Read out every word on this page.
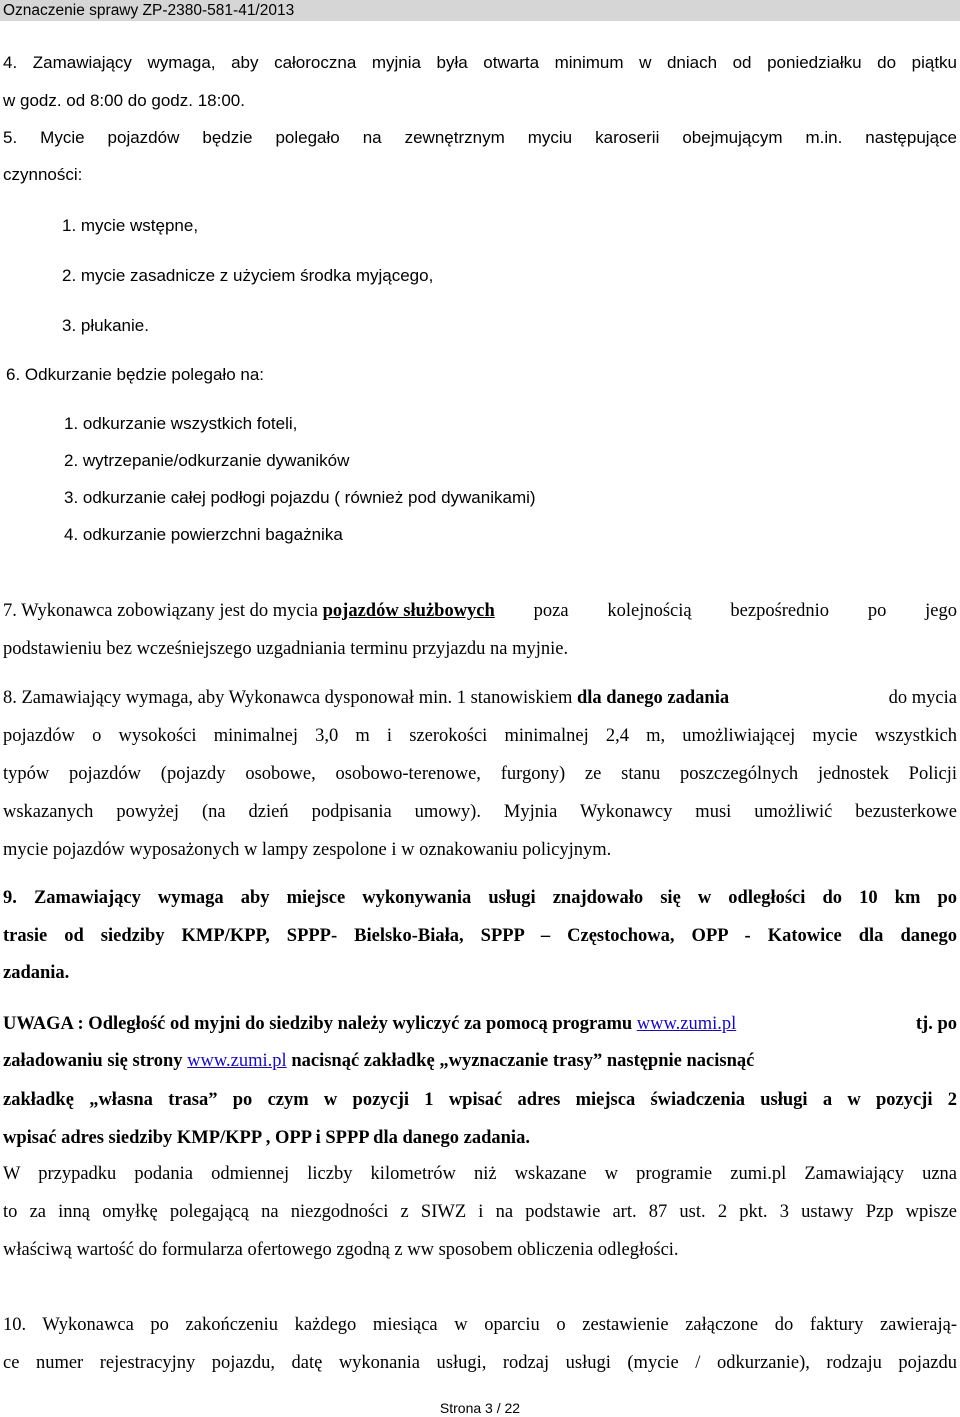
Oznaczenie sprawy ZP-2380-581-41/2013
4. Zamawiający wymaga, aby całoroczna myjnia była otwarta minimum w dniach od poniedziałku do piątku
w godz. od 8:00 do godz. 18:00.
5. Mycie pojazdów będzie polegało na zewnętrznym myciu karoserii obejmującym m.in. następujące
czynności:
1. mycie wstępne,
2. mycie zasadnicze z użyciem środka myjącego,
3. płukanie.
6. Odkurzanie będzie polegało na:
1. odkurzanie wszystkich foteli,
2. wytrzepanie/odkurzanie dywaników
3. odkurzanie całej podłogi pojazdu ( również pod dywanikami)
4. odkurzanie powierzchni bagażnika
7. Wykonawca zobowiązany jest do mycia pojazdów służbowych poza kolejnością bezpośrednio po jego
podstawieniu bez wcześniejszego uzgadniania terminu przyjazdu na myjnie.
8. Zamawiający wymaga, aby Wykonawca dysponował min. 1 stanowiskiem dla danego zadania	do mycia
pojazdów o wysokości minimalnej 3,0 m i szerokości minimalnej 2,4 m, umożliwiającej mycie wszystkich
typów pojazdów (pojazdy osobowe, osobowo-terenowe, furgony) ze stanu poszczególnych jednostek Policji
wskazanych powyżej (na dzień podpisania umowy). Myjnia Wykonawcy musi umożliwić bezusterkowe
mycie pojazdów wyposażonych w lampy zespolone i w oznakowaniu policyjnym.
9. Zamawiający wymaga aby miejsce wykonywania usługi znajdowało się w odległości do 10 km po
trasie od siedziby KMP/KPP, SPPP- Bielsko-Biała, SPPP – Częstochowa, OPP - Katowice dla danego
zadania.
UWAGA : Odległość od myjni do siedziby należy wyliczyć za pomocą programu www.zumi.pl	tj. po
załadowaniu się strony www.zumi.pl nacisnąć zakładkę „wyznaczanie trasy” następnie nacisnąć
zakładkę „własna trasa” po czym w pozycji 1 wpisać adres miejsca świadczenia usługi a w pozycji 2
wpisać adres siedziby KMP/KPP , OPP i SPPP dla danego zadania.
W przypadku podania odmiennej liczby kilometrów niż wskazane w programie zumi.pl Zamawiający uzna
to za inną omyłkę polegającą na niezgodności z SIWZ i na podstawie art. 87 ust. 2 pkt. 3 ustawy Pzp wpisze
właściwą wartość do formularza ofertowego zgodną z ww sposobem obliczenia odległości.
10. Wykonawca po zakończeniu każdego miesiąca w oparciu o zestawienie załączone do faktury zawierają-
ce numer rejestracyjny pojazdu, datę wykonania usługi, rodzaj usługi (mycie / odkurzanie), rodzaju pojazdu
Strona 3 / 22
